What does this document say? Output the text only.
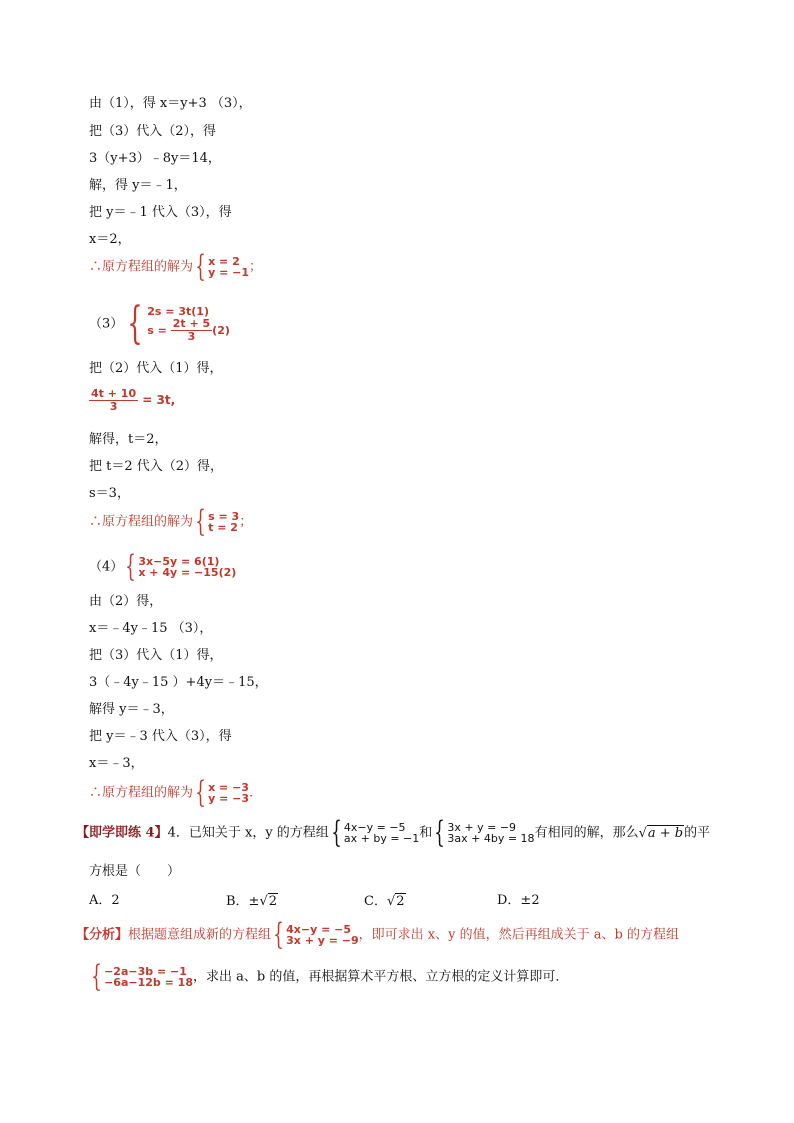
由（1），得 x＝y+3 （3），
把（3）代入（2），得
3（y+3）﹣8y＝14，
解，得 y＝﹣1，
把 y＝﹣1 代入（3），得
x＝2，
∴原方程组的解为 { x = 2
y = −1 ；
（3） { 2s = 3t(1)
s =
$\frac{2t + 5}{3} (2)$
把（2）代入（1）得，
$\frac{4t + 10}{3} = 3t$,
解得，t＝2，
把 t＝2 代入（2）得，
s＝3，
∴原方程组的解为 { s = 3
t = 2 ；
（4） { 3x−5y = 6(1)
x + 4y = −15(2)
由（2）得，
x＝﹣4y﹣15 （3），
把（3）代入（1）得，
3（﹣4y﹣15 ）+4y＝﹣15，
解得 y＝﹣3，
把 y＝﹣3 代入（3），得
x＝﹣3，
∴原方程组的解为 { x = −3
y = −3 .
【即学即练 4】4．已知关于 x，y 的方程组 { 4x−y = −5
ax + by = −1 和 { 3x + y = −9
3ax + 4by = 18 有相同的解，那么√a + b的平
方根是（　　）
A．2	B．±√2	C．√2	D．±2
【分析】根据题意组成新的方程组 { 4x−y = −5
3x + y = −9 ，即可求出 x、y 的值，然后再组成关于 a、b 的方程组
{ −2a−3b = −1
−6a−12b = 18 ，求出 a、b 的值，再根据算术平方根、立方根的定义计算即可．
